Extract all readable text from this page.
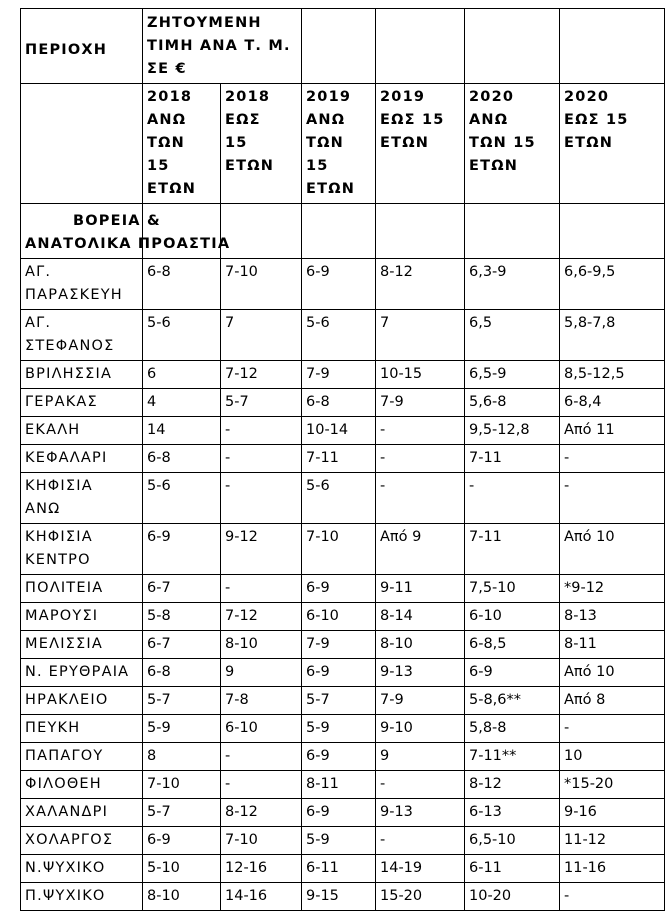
ΠΕΡΙΟΧΗ	ΖΗΤΟΥΜΕΝΗ
ΤΙΜΗ ΑΝΑ Τ. Μ.
ΣΕ €					

	2018
ΑΝΩ
ΤΩΝ
15
ΕΤΩΝ	2018
ΕΩΣ
15
ΕΤΩΝ	2019
ΑΝΩ
ΤΩΝ
15
ΕΤΩΝ	2019
ΕΩΣ 15
ΕΤΩΝ	2020
ΑΝΩ
ΤΩΝ 15
ΕΤΩΝ	2020
ΕΩΣ 15
ΕΤΩΝ

ΒΟΡΕΙΑ &
ΑΝΑΤΟΛΙΚΑ ΠΡΟΑΣΤΙΑ						

ΑΓ.
ΠΑΡΑΣΚΕΥΗ	6-8	7-10	6-9	8-12	6,3-9	6,6-9,5

ΑΓ.
ΣΤΕΦΑΝΟΣ	5-6	7	5-6	7	6,5	5,8-7,8

ΒΡΙΛΗΣΣΙΑ	6	7-12	7-9	10-15	6,5-9	8,5-12,5

ΓΕΡΑΚΑΣ	4	5-7	6-8	7-9	5,6-8	6-8,4

ΕΚΑΛΗ	14	-	10-14	-	9,5-12,8	Από 11

ΚΕΦΑΛΑΡΙ	6-8	-	7-11	-	7-11	-

ΚΗΦΙΣΙΑ
ΑΝΩ	5-6	-	5-6	-	-	-

ΚΗΦΙΣΙΑ
ΚΕΝΤΡΟ	6-9	9-12	7-10	Από 9	7-11	Από 10

ΠΟΛΙΤΕΙΑ	6-7	-	6-9	9-11	7,5-10	*9-12

ΜΑΡΟΥΣΙ	5-8	7-12	6-10	8-14	6-10	8-13

ΜΕΛΙΣΣΙΑ	6-7	8-10	7-9	8-10	6-8,5	8-11

Ν. ΕΡΥΘΡΑΙΑ	6-8	9	6-9	9-13	6-9	Από 10

ΗΡΑΚΛΕΙΟ	5-7	7-8	5-7	7-9	5-8,6**	Από 8

ΠΕΥΚΗ	5-9	6-10	5-9	9-10	5,8-8	-

ΠΑΠΑΓΟΥ	8	-	6-9	9	7-11**	10

ΦΙΛΟΘΕΗ	7-10	-	8-11	-	8-12	*15-20

ΧΑΛΑΝΔΡΙ	5-7	8-12	6-9	9-13	6-13	9-16

ΧΟΛΑΡΓΟΣ	6-9	7-10	5-9	-	6,5-10	11-12

Ν.ΨΥΧΙΚΟ	5-10	12-16	6-11	14-19	6-11	11-16

Π.ΨΥΧΙΚΟ	8-10	14-16	9-15	15-20	10-20	-
